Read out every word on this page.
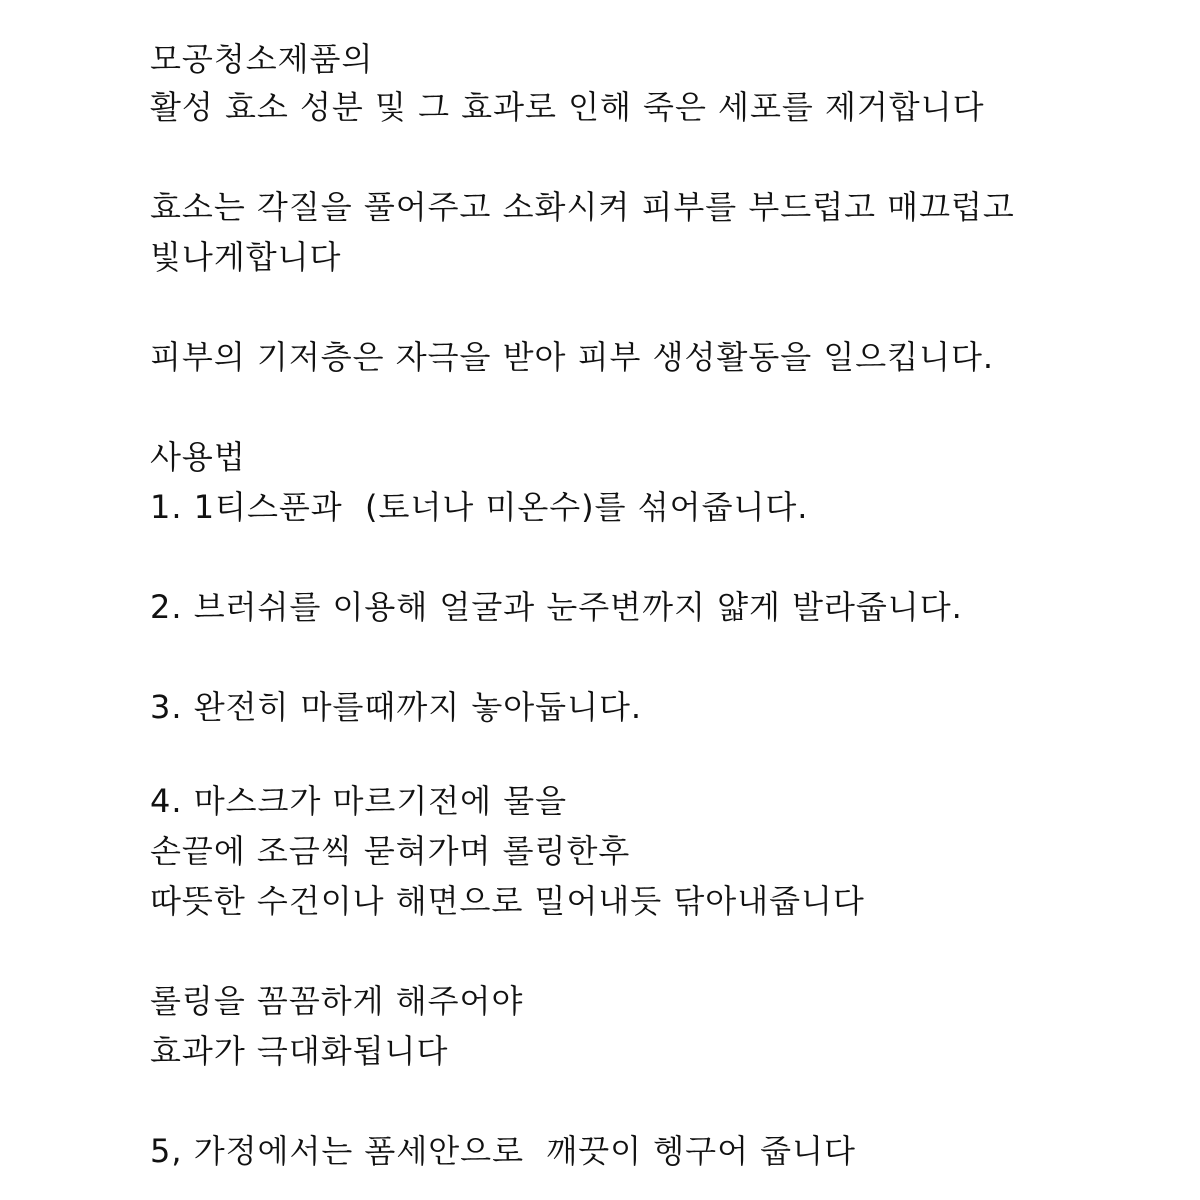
모공청소제품의
활성 효소 성분 및 그 효과로 인해 죽은 세포를 제거합니다
효소는 각질을 풀어주고 소화시켜 피부를 부드럽고 매끄럽고
빛나게합니다
피부의 기저층은 자극을 받아 피부 생성활동을 일으킵니다.
사용법
1. 1티스푼과  (토너나 미온수)를 섞어줍니다.
2. 브러쉬를 이용해 얼굴과 눈주변까지 얇게 발라줍니다.
3. 완전히 마를때까지 놓아둡니다.
4. 마스크가 마르기전에 물을
손끝에 조금씩 묻혀가며 롤링한후
따뜻한 수건이나 해면으로 밀어내듯 닦아내줍니다
롤링을 꼼꼼하게 해주어야
효과가 극대화됩니다
5, 가정에서는 폼세안으로  깨끗이 헹구어 줍니다
